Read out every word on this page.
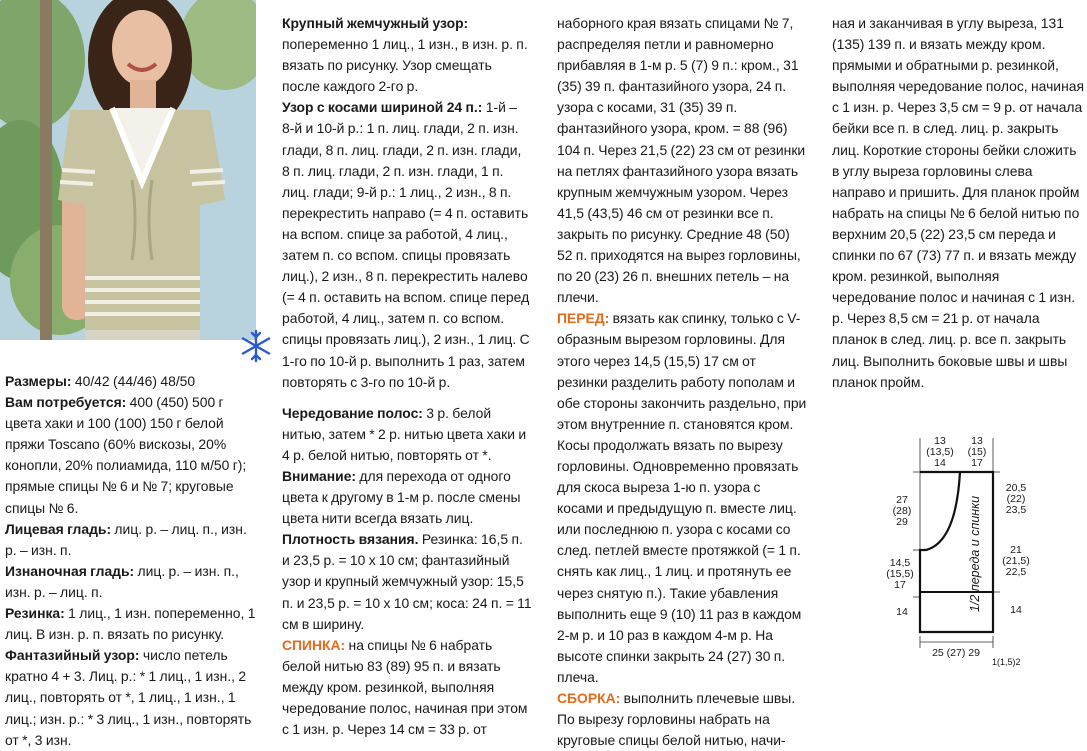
Размеры: 40/42 (44/46) 48/50

Вам потребуется: 400 (450) 500 г цвета хаки и 100 (100) 150 г белой пряжи Toscano (60% вискозы, 20% конопли, 20% полиамида, 110 м/50 г); прямые спицы № 6 и № 7; круговые спицы № 6.

Лицевая гладь: лиц. р. – лиц. п., изн. р. – изн. п.

Изнаночная гладь: лиц. р. – изн. п., изн. р. – лиц. п.

Резинка: 1 лиц., 1 изн. попеременно, 1 лиц. В изн. р. п. вязать по рисунку.

Фантазийный узор: число петель кратно 4 + 3. Лиц. р.: * 1 лиц., 1 изн., 2 лиц., повторять от *, 1 лиц., 1 изн., 1 лиц.; изн. р.: * 3 лиц., 1 изн., повторять от *, 3 изн.

Крупный жемчужный узор: попеременно 1 лиц., 1 изн., в изн. р. п. вязать по рисунку. Узор смещать после каждого 2-го р.

Узор с косами шириной 24 п.: 1-й – 8-й и 10-й р.: 1 п. лиц. глади, 2 п. изн. глади, 8 п. лиц. глади, 2 п. изн. глади, 8 п. лиц. глади, 2 п. изн. глади, 1 п. лиц. глади; 9-й р.: 1 лиц., 2 изн., 8 п. перекрестить направо (= 4 п. оставить на вспом. спице за работой, 4 лиц., затем п. со вспом. спицы провязать лиц.), 2 изн., 8 п. перекрестить налево (= 4 п. оставить на вспом. спице перед работой, 4 лиц., затем п. со вспом. спицы провязать лиц.), 2 изн., 1 лиц. С 1-го по 10-й р. выполнить 1 раз, затем повторять с 3-го по 10-й р.

Чередование полос: 3 р. белой нитью, затем * 2 р. нитью цвета хаки и 4 р. белой нитью, повторять от *.

Внимание: для перехода от одного цвета к другому в 1-м р. после смены цвета нити всегда вязать лиц.

Плотность вязания. Резинка: 16,5 п. и 23,5 р. = 10 х 10 см; фантазийный узор и крупный жемчужный узор: 15,5 п. и 23,5 р. = 10 х 10 см; коса: 24 п. = 11 см в ширину.

СПИНКА: на спицы № 6 набрать белой нитью 83 (89) 95 п. и вязать между кром. резинкой, выполняя чередование полос, начиная при этом с 1 изн. р. Через 14 см = 33 р. от

наборного края вязать спицами № 7, распределяя петли и равномерно прибавляя в 1-м р. 5 (7) 9 п.: кром., 31 (35) 39 п. фантазийного узора, 24 п. узора с косами, 31 (35) 39 п. фантазийного узора, кром. = 88 (96) 104 п. Через 21,5 (22) 23 см от резинки на петлях фантазийного узора вязать крупным жемчужным узором. Через 41,5 (43,5) 46 см от резинки все п. закрыть по рисунку. Средние 48 (50) 52 п. приходятся на вырез горловины, по 20 (23) 26 п. внешних петель – на плечи.

ПЕРЕД: вязать как спинку, только с V-образным вырезом горловины. Для этого через 14,5 (15,5) 17 см от резинки разделить работу пополам и обе стороны закончить раздельно, при этом внутренние п. становятся кром. Косы продолжать вязать по вырезу горловины. Одновременно провязать для скоса выреза 1-ю п. узора с косами и предыдущую п. вместе лиц. или последнюю п. узора с косами со след. петлей вместе протяжкой (= 1 п. снять как лиц., 1 лиц. и протянуть ее через снятую п.). Такие убавления выполнить еще 9 (10) 11 раз в каждом 2-м р. и 10 раз в каждом 4-м р. На высоте спинки закрыть 24 (27) 30 п. плеча.

СБОРКА: выполнить плечевые швы. По вырезу горловины набрать на круговые спицы белой нитью, начи-

ная и заканчивая в углу выреза, 131 (135) 139 п. и вязать между кром. прямыми и обратными р. резинкой, выполняя чередование полос, начиная с 1 изн. р. Через 3,5 см = 9 р. от начала бейки все п. в след. лиц. р. закрыть лиц. Короткие стороны бейки сложить в углу выреза горловины слева направо и пришить. Для планок пройм набрать на спицы № 6 белой нитью по верхним 20,5 (22) 23,5 см переда и спинки по 67 (73) 77 п. и вязать между кром. резинкой, выполняя чередование полос и начиная с 1 изн. р. Через 8,5 см = 21 р. от начала планок в след. лиц. р. все п. закрыть лиц. Выполнить боковые швы и швы планок пройм.

13
(13,5)
14
13
(15)
17
27
(28)
29
14,5
(15,5)
17
14
20,5
(22)
23,5
21
(21,5)
22,5
14
25 (27) 29
1(1,5)2
1/2 переда и спинки
